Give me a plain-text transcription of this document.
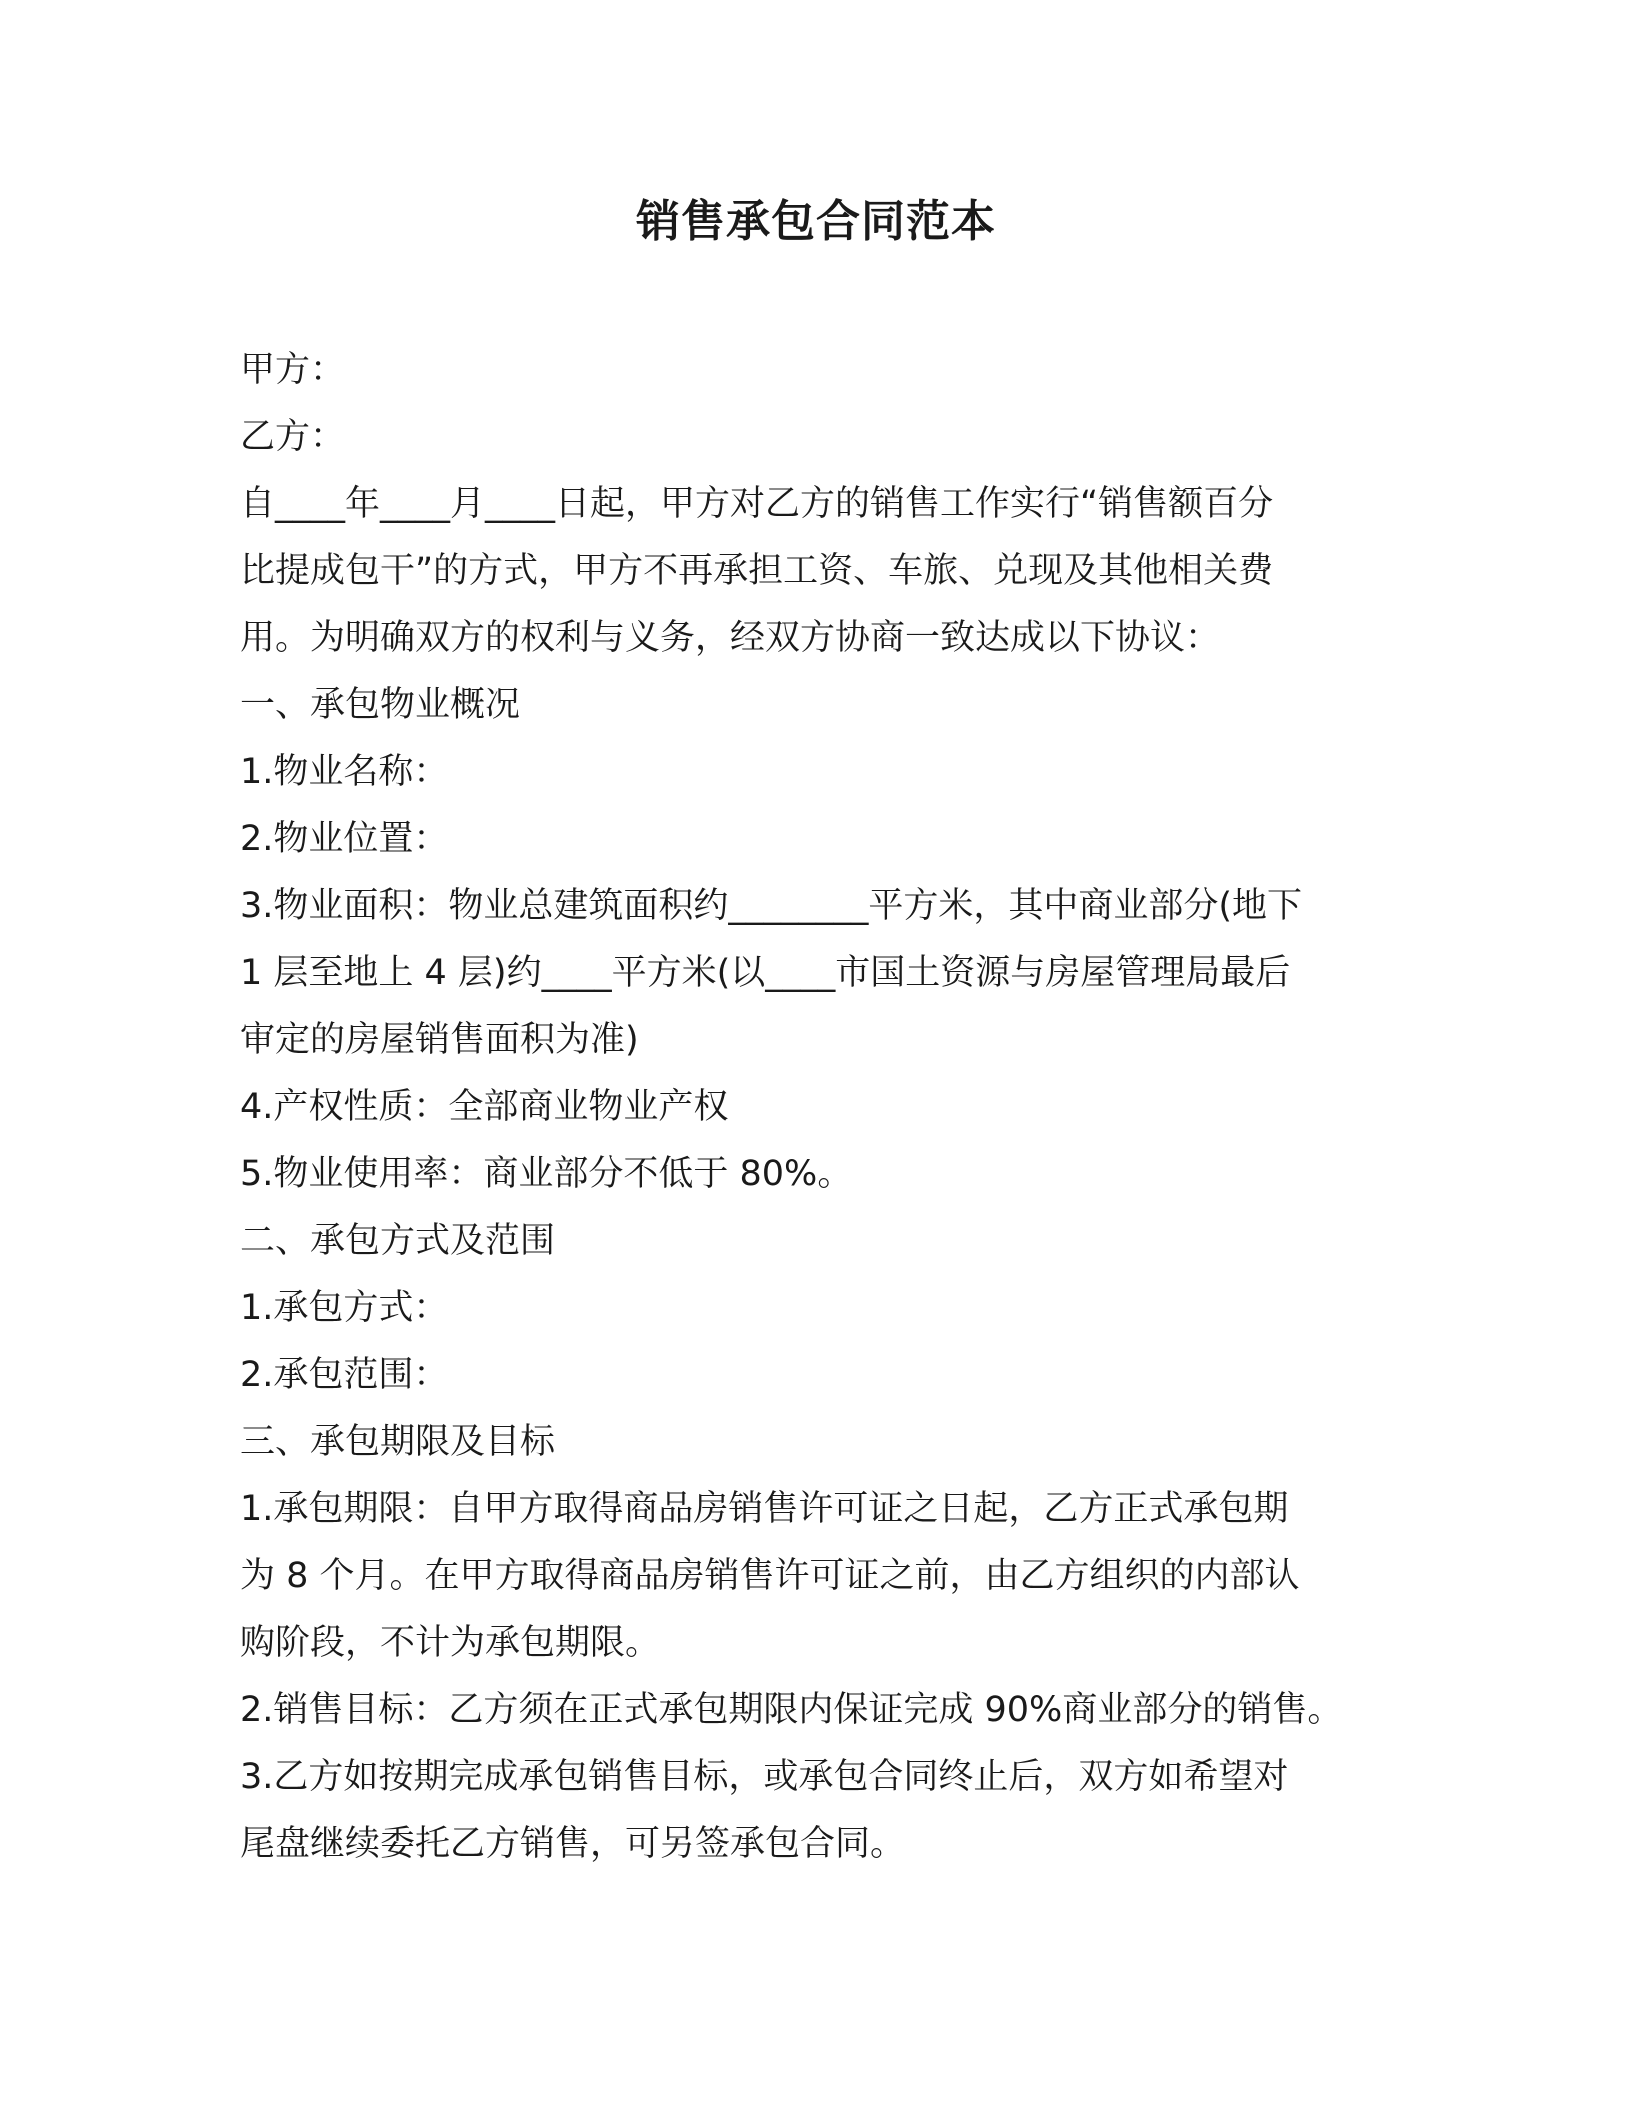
销售承包合同范本
甲方：
乙方：
自____年____月____日起，甲方对乙方的销售工作实行“销售额百分
比提成包干”的方式，甲方不再承担工资、车旅、兑现及其他相关费
用。为明确双方的权利与义务，经双方协商一致达成以下协议：
一、承包物业概况
1.物业名称：
2.物业位置：
3.物业面积：物业总建筑面积约________平方米，其中商业部分(地下
1 层至地上 4 层)约____平方米(以____市国土资源与房屋管理局最后
审定的房屋销售面积为准)
4.产权性质：全部商业物业产权
5.物业使用率：商业部分不低于 80%。
二、承包方式及范围
1.承包方式：
2.承包范围：
三、承包期限及目标
1.承包期限：自甲方取得商品房销售许可证之日起，乙方正式承包期
为 8 个月。在甲方取得商品房销售许可证之前，由乙方组织的内部认
购阶段，不计为承包期限。
2.销售目标：乙方须在正式承包期限内保证完成 90%商业部分的销售。
3.乙方如按期完成承包销售目标，或承包合同终止后，双方如希望对
尾盘继续委托乙方销售，可另签承包合同。
